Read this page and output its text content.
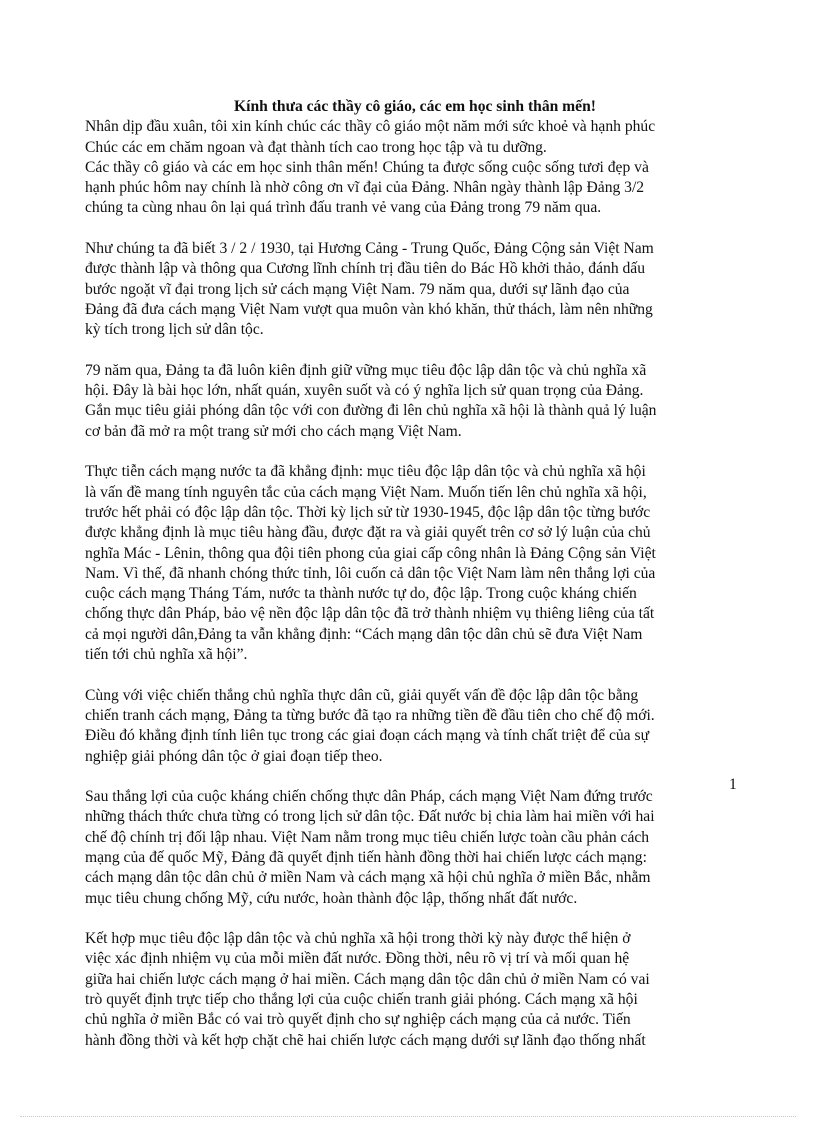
Kính thưa các thầy cô giáo, các em học sinh thân mến!
Nhân dịp đầu xuân, tôi xin kính chúc các thầy cô giáo một năm mới sức khoẻ và hạnh phúc
Chúc các em chăm ngoan và đạt thành tích cao trong học tập và tu dưỡng.
Các thầy cô giáo và các em học sinh thân mến! Chúng ta được sống cuộc sống tươi đẹp và
hạnh phúc hôm nay chính là nhờ công ơn vĩ đại của Đảng. Nhân ngày thành lập Đảng 3/2
chúng ta cùng nhau ôn lại quá trình đấu tranh vẻ vang của Đảng trong 79 năm qua.
Như chúng ta đã biết 3 / 2 / 1930, tại Hương Cảng - Trung Quốc, Đảng Cộng sản Việt Nam
được thành lập và thông qua Cương lĩnh chính trị đầu tiên do Bác Hồ khởi thảo, đánh dấu
bước ngoặt vĩ đại trong lịch sử cách mạng Việt Nam. 79 năm qua, dưới sự lãnh đạo của
Đảng đã đưa cách mạng Việt Nam vượt qua muôn vàn khó khăn, thử thách, làm nên những
kỳ tích trong lịch sử dân tộc.
79 năm qua, Đảng ta đã luôn kiên định giữ vững mục tiêu độc lập dân tộc và chủ nghĩa xã
hội. Đây là bài học lớn, nhất quán, xuyên suốt và có ý nghĩa lịch sử quan trọng của Đảng.
Gắn mục tiêu giải phóng dân tộc với con đường đi lên chủ nghĩa xã hội là thành quả lý luận
cơ bản đã mở ra một trang sử mới cho cách mạng Việt Nam.
Thực tiễn cách mạng nước ta đã khẳng định: mục tiêu độc lập dân tộc và chủ nghĩa xã hội
là vấn đề mang tính nguyên tắc của cách mạng Việt Nam. Muốn tiến lên chủ nghĩa xã hội,
trước hết phải có độc lập dân tộc. Thời kỳ lịch sử từ 1930-1945, độc lập dân tộc từng bước
được khẳng định là mục tiêu hàng đầu, được đặt ra và giải quyết trên cơ sở lý luận của chủ
nghĩa Mác - Lênin, thông qua đội tiên phong của giai cấp công nhân là Đảng Cộng sản Việt
Nam. Vì thế, đã nhanh chóng thức tỉnh, lôi cuốn cả dân tộc Việt Nam làm nên thắng lợi của
cuộc cách mạng Tháng Tám, nước ta thành nước tự do, độc lập. Trong cuộc kháng chiến
chống thực dân Pháp, bảo vệ nền độc lập dân tộc đã trở thành nhiệm vụ thiêng liêng của tất
cả mọi người dân,Đảng ta vẫn khẳng định: “Cách mạng dân tộc dân chủ sẽ đưa Việt Nam
tiến tới chủ nghĩa xã hội”.
Cùng với việc chiến thắng chủ nghĩa thực dân cũ, giải quyết vấn đề độc lập dân tộc bằng
chiến tranh cách mạng, Đảng ta từng bước đã tạo ra những tiền đề đầu tiên cho chế độ mới.
Điều đó khẳng định tính liên tục trong các giai đoạn cách mạng và tính chất triệt để của sự
nghiệp giải phóng dân tộc ở giai đoạn tiếp theo.
Sau thắng lợi của cuộc kháng chiến chống thực dân Pháp, cách mạng Việt Nam đứng trước
những thách thức chưa từng có trong lịch sử dân tộc. Đất nước bị chia làm hai miền với hai
chế độ chính trị đối lập nhau. Việt Nam nằm trong mục tiêu chiến lược toàn cầu phản cách
mạng của đế quốc Mỹ, Đảng đã quyết định tiến hành đồng thời hai chiến lược cách mạng:
cách mạng dân tộc dân chủ ở miền Nam và cách mạng xã hội chủ nghĩa ở miền Bắc, nhằm
mục tiêu chung chống Mỹ, cứu nước, hoàn thành độc lập, thống nhất đất nước.
Kết hợp mục tiêu độc lập dân tộc và chủ nghĩa xã hội trong thời kỳ này được thể hiện ở
việc xác định nhiệm vụ của mỗi miền đất nước. Đồng thời, nêu rõ vị trí và mối quan hệ
giữa hai chiến lược cách mạng ở hai miền. Cách mạng dân tộc dân chủ ở miền Nam có vai
trò quyết định trực tiếp cho thắng lợi của cuộc chiến tranh giải phóng. Cách mạng xã hội
chủ nghĩa ở miền Bắc có vai trò quyết định cho sự nghiệp cách mạng của cả nước. Tiến
hành đồng thời và kết hợp chặt chẽ hai chiến lược cách mạng dưới sự lãnh đạo thống nhất
1
